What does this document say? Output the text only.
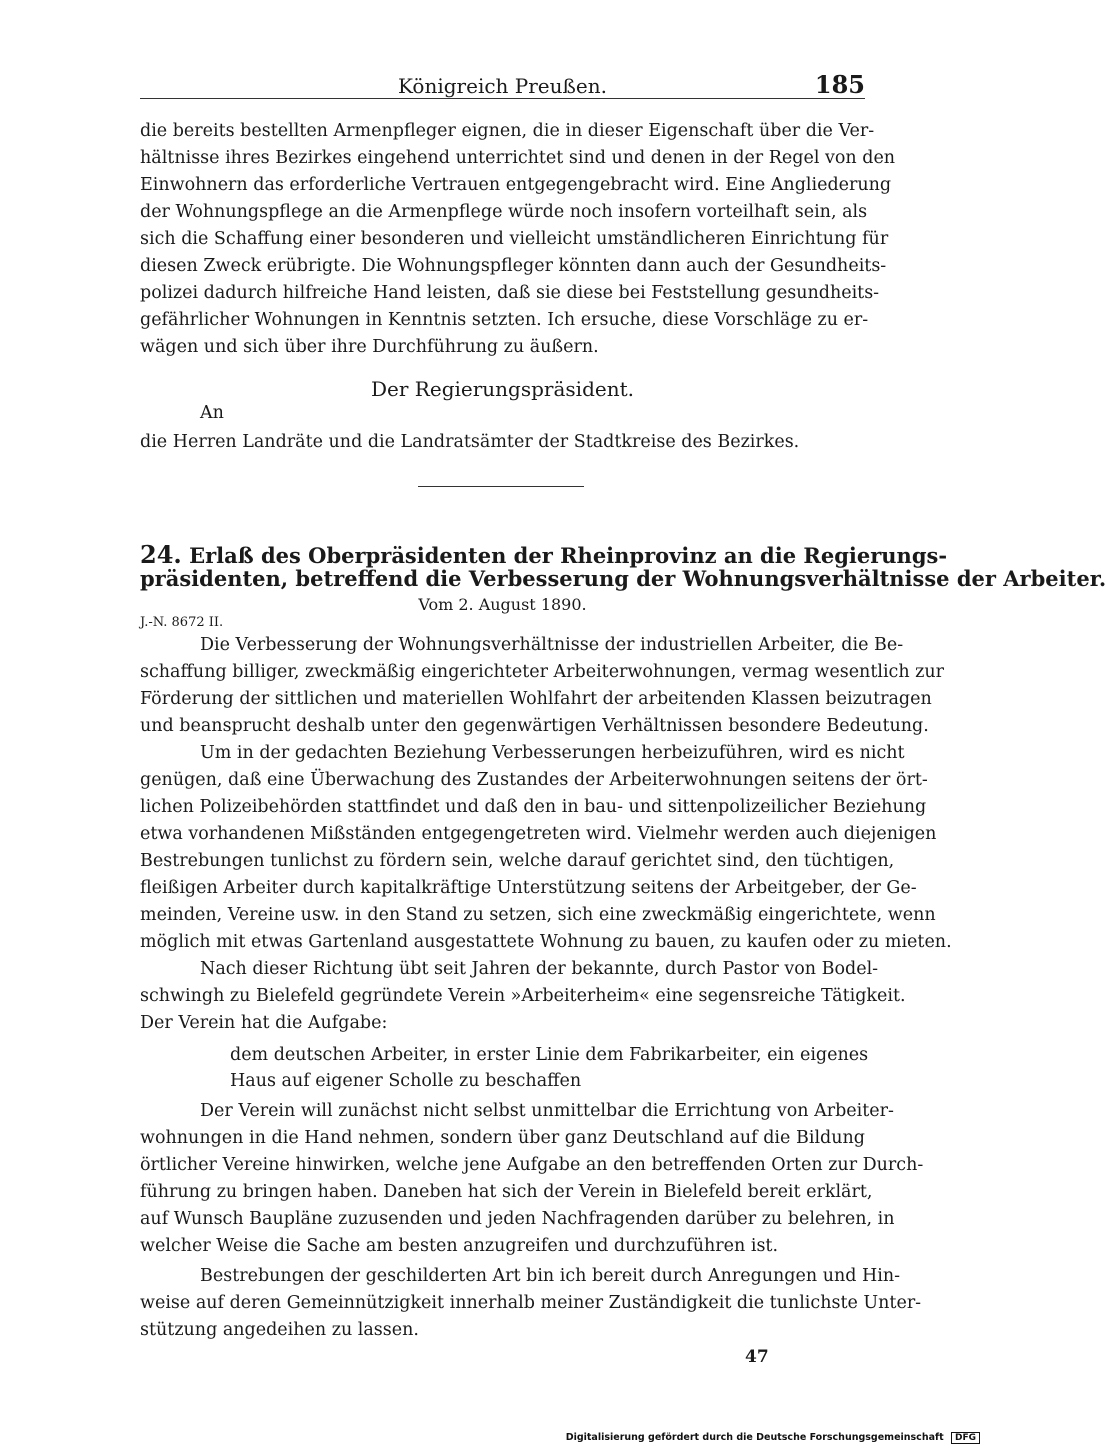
Königreich Preußen.	185
die bereits bestellten Armenpfleger eignen, die in dieser Eigenschaft über die Ver-
hältnisse ihres Bezirkes eingehend unterrichtet sind und denen in der Regel von den
Einwohnern das erforderliche Vertrauen entgegengebracht wird. Eine Angliederung
der Wohnungspflege an die Armenpflege würde noch insofern vorteilhaft sein, als
sich die Schaffung einer besonderen und vielleicht umständlicheren Einrichtung für
diesen Zweck erübrigte. Die Wohnungspfleger könnten dann auch der Gesundheits-
polizei dadurch hilfreiche Hand leisten, daß sie diese bei Feststellung gesundheits-
gefährlicher Wohnungen in Kenntnis setzten. Ich ersuche, diese Vorschläge zu er-
wägen und sich über ihre Durchführung zu äußern.
Der Regierungspräsident.
An
die Herren Landräte und die Landratsämter der Stadtkreise des Bezirkes.
24. Erlaß des Oberpräsidenten der Rheinprovinz an die Regierungs-
präsidenten, betreffend die Verbesserung der Wohnungsverhältnisse der Arbeiter.
Vom 2. August 1890.
J.-N. 8672 II.
Die Verbesserung der Wohnungsverhältnisse der industriellen Arbeiter, die Be-
schaffung billiger, zweckmäßig eingerichteter Arbeiterwohnungen, vermag wesentlich zur
Förderung der sittlichen und materiellen Wohlfahrt der arbeitenden Klassen beizutragen
und beansprucht deshalb unter den gegenwärtigen Verhältnissen besondere Bedeutung.
Um in der gedachten Beziehung Verbesserungen herbeizuführen, wird es nicht
genügen, daß eine Überwachung des Zustandes der Arbeiterwohnungen seitens der ört-
lichen Polizeibehörden stattfindet und daß den in bau- und sittenpolizeilicher Beziehung
etwa vorhandenen Mißständen entgegengetreten wird. Vielmehr werden auch diejenigen
Bestrebungen tunlichst zu fördern sein, welche darauf gerichtet sind, den tüchtigen,
fleißigen Arbeiter durch kapitalkräftige Unterstützung seitens der Arbeitgeber, der Ge-
meinden, Vereine usw. in den Stand zu setzen, sich eine zweckmäßig eingerichtete, wenn
möglich mit etwas Gartenland ausgestattete Wohnung zu bauen, zu kaufen oder zu mieten.
Nach dieser Richtung übt seit Jahren der bekannte, durch Pastor von Bodel-
schwingh zu Bielefeld gegründete Verein »Arbeiterheim« eine segensreiche Tätigkeit.
Der Verein hat die Aufgabe:
dem deutschen Arbeiter, in erster Linie dem Fabrikarbeiter, ein eigenes
Haus auf eigener Scholle zu beschaffen
Der Verein will zunächst nicht selbst unmittelbar die Errichtung von Arbeiter-
wohnungen in die Hand nehmen, sondern über ganz Deutschland auf die Bildung
örtlicher Vereine hinwirken, welche jene Aufgabe an den betreffenden Orten zur Durch-
führung zu bringen haben. Daneben hat sich der Verein in Bielefeld bereit erklärt,
auf Wunsch Baupläne zuzusenden und jeden Nachfragenden darüber zu belehren, in
welcher Weise die Sache am besten anzugreifen und durchzuführen ist.
Bestrebungen der geschilderten Art bin ich bereit durch Anregungen und Hin-
weise auf deren Gemeinnützigkeit innerhalb meiner Zuständigkeit die tunlichste Unter-
stützung angedeihen zu lassen.
47
Digitalisierung gefördert durch die Deutsche Forschungsgemeinschaft DFG
